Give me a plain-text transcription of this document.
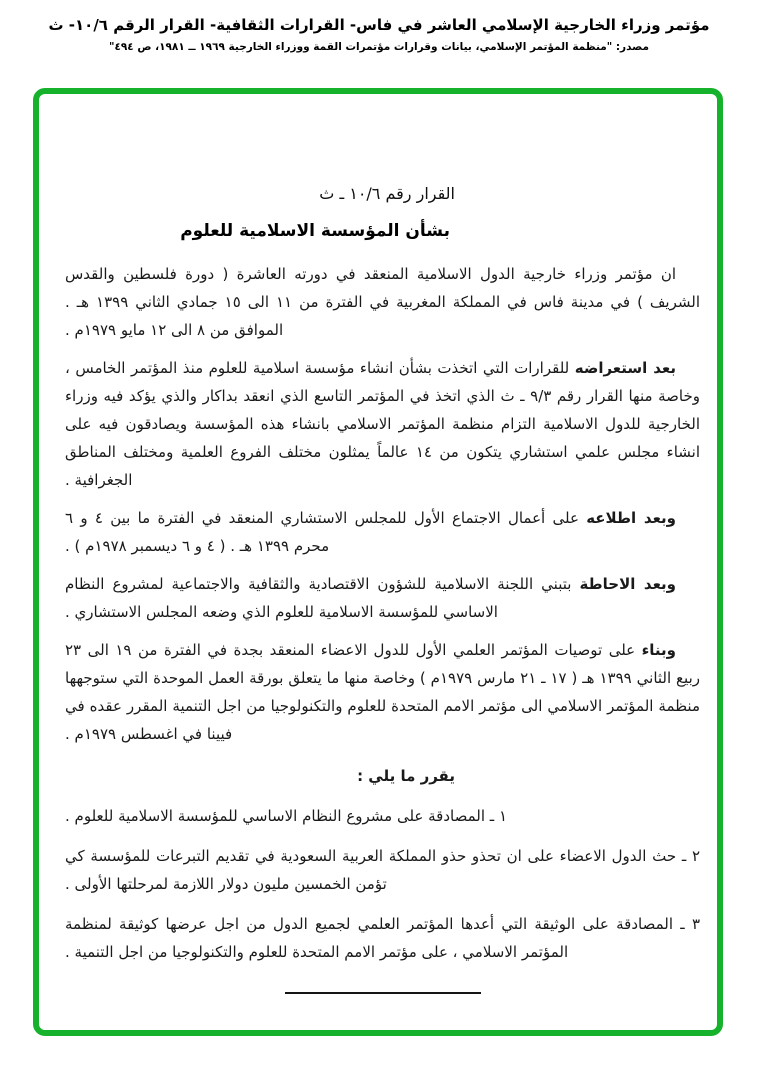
مؤتمر وزراء الخارجية الإسلامي العاشر في فاس- القرارات الثقافية- القرار الرقم ١٠/٦- ث
مصدر: "منظمة المؤتمر الإسلامي، بيانات وقرارات مؤتمرات القمة ووزراء الخارجية ١٩٦٩ ــ ١٩٨١، ص ٤٩٤"
القرار رقم ١٠/٦ ـ ث
بشأن المؤسسة الاسلامية للعلوم

ان مؤتمر وزراء خارجية الدول الاسلامية المنعقد في دورته العاشرة ( دورة فلسطين والقدس الشريف ) في مدينة فاس في المملكة المغربية في الفترة من ١١ الى ١٥ جمادي الثاني ١٣٩٩ هـ . الموافق من ٨ الى ١٢ مايو ١٩٧٩م .

بعد استعراضه للقرارات التي اتخذت بشأن انشاء مؤسسة اسلامية للعلوم منذ المؤتمر الخامس ، وخاصة منها القرار رقم ٩/٣ ـ ث الذي اتخذ في المؤتمر التاسع الذي انعقد بداكار والذي يؤكد فيه وزراء الخارجية للدول الاسلامية التزام منظمة المؤتمر الاسلامي بانشاء هذه المؤسسة ويصادقون فيه على انشاء مجلس علمي استشاري يتكون من ١٤ عالماً يمثلون مختلف الفروع العلمية ومختلف المناطق الجغرافية .

وبعد اطلاعه على أعمال الاجتماع الأول للمجلس الاستشاري المنعقد في الفترة ما بين ٤ و ٦ محرم ١٣٩٩ هـ . ( ٤ و ٦ ديسمبر ١٩٧٨م ) .

وبعد الاحاطة بتبني اللجنة الاسلامية للشؤون الاقتصادية والثقافية والاجتماعية لمشروع النظام الاساسي للمؤسسة الاسلامية للعلوم الذي وضعه المجلس الاستشاري .

وبناء على توصيات المؤتمر العلمي الأول للدول الاعضاء المنعقد بجدة في الفترة من ١٩ الى ٢٣ ربيع الثاني ١٣٩٩ هـ ( ١٧ ـ ٢١ مارس ١٩٧٩م ) وخاصة منها ما يتعلق بورقة العمل الموحدة التي ستوجهها منظمة المؤتمر الاسلامي الى مؤتمر الامم المتحدة للعلوم والتكنولوجيا من اجل التنمية المقرر عقده في فيينا في اغسطس ١٩٧٩م .

يقرر ما يلي :

١ ـ المصادقة على مشروع النظام الاساسي للمؤسسة الاسلامية للعلوم .

٢ ـ حث الدول الاعضاء على ان تحذو حذو المملكة العربية السعودية في تقديم التبرعات للمؤسسة كي تؤمن الخمسين مليون دولار اللازمة لمرحلتها الأولى .

٣ ـ المصادقة على الوثيقة التي أعدها المؤتمر العلمي لجميع الدول من اجل عرضها كوثيقة لمنظمة المؤتمر الاسلامي ، على مؤتمر الامم المتحدة للعلوم والتكنولوجيا من اجل التنمية .
